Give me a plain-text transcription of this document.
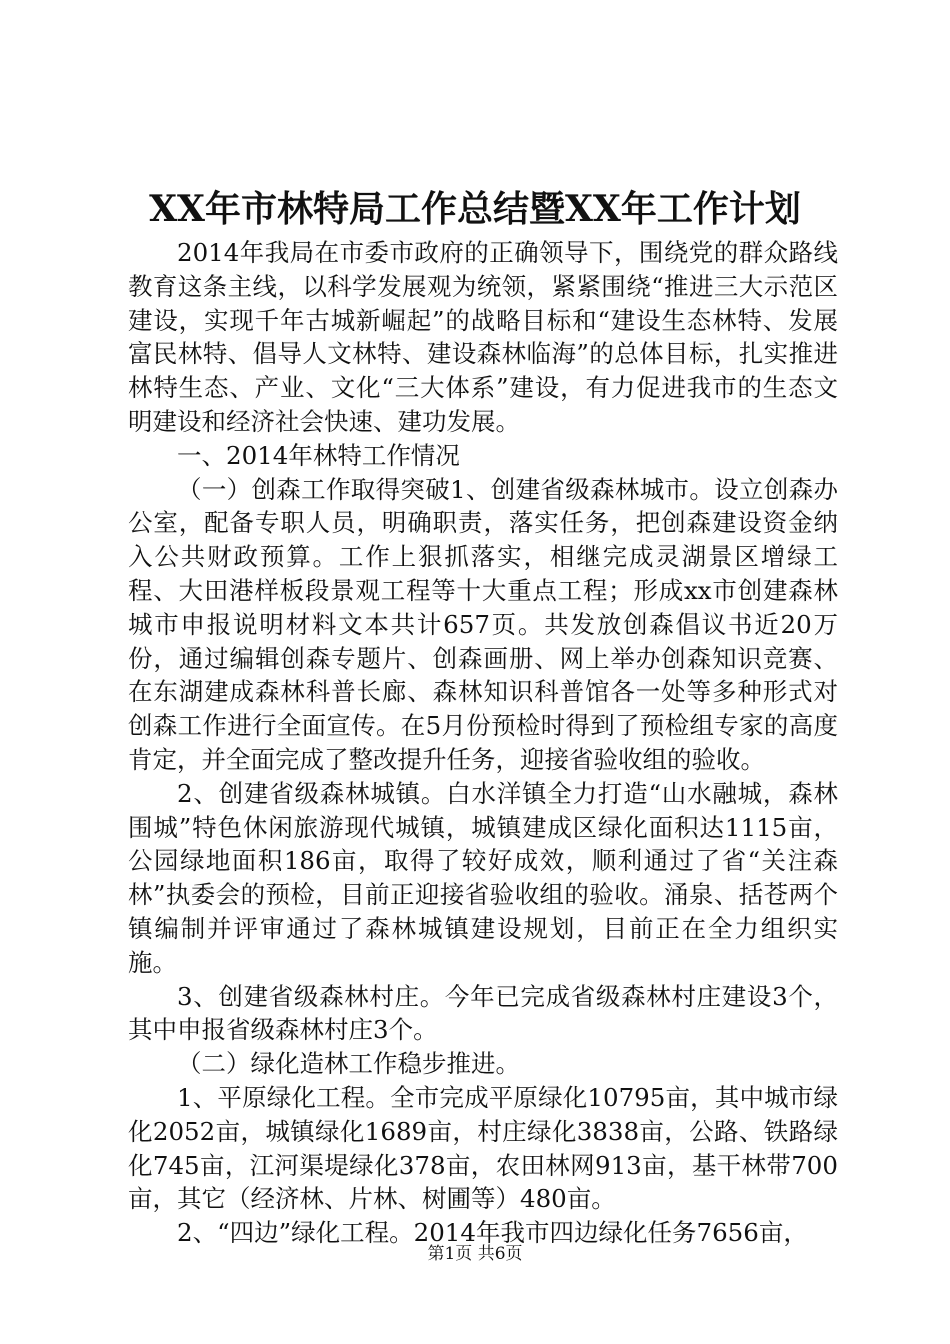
XX年市林特局工作总结暨XX年工作计划

2014年我局在市委市政府的正确领导下，围绕党的群众路线教育这条主线，以科学发展观为统领，紧紧围绕“推进三大示范区建设，实现千年古城新崛起”的战略目标和“建设生态林特、发展富民林特、倡导人文林特、建设森林临海”的总体目标，扎实推进林特生态、产业、文化“三大体系”建设，有力促进我市的生态文明建设和经济社会快速、建功发展。

一、2014年林特工作情况

（一）创森工作取得突破1、创建省级森林城市。设立创森办公室，配备专职人员，明确职责，落实任务，把创森建设资金纳入公共财政预算。工作上狠抓落实，相继完成灵湖景区增绿工程、大田港样板段景观工程等十大重点工程；形成xx市创建森林城市申报说明材料文本共计657页。共发放创森倡议书近20万份，通过编辑创森专题片、创森画册、网上举办创森知识竞赛、在东湖建成森林科普长廊、森林知识科普馆各一处等多种形式对创森工作进行全面宣传。在5月份预检时得到了预检组专家的高度肯定，并全面完成了整改提升任务，迎接省验收组的验收。

2、创建省级森林城镇。白水洋镇全力打造“山水融城，森林围城”特色休闲旅游现代城镇，城镇建成区绿化面积达1115亩，公园绿地面积186亩，取得了较好成效，顺利通过了省“关注森林”执委会的预检，目前正迎接省验收组的验收。涌泉、括苍两个镇编制并评审通过了森林城镇建设规划，目前正在全力组织实施。

3、创建省级森林村庄。今年已完成省级森林村庄建设3个，其中申报省级森林村庄3个。

（二）绿化造林工作稳步推进。

1、平原绿化工程。全市完成平原绿化10795亩，其中城市绿化2052亩，城镇绿化1689亩，村庄绿化3838亩，公路、铁路绿化745亩，江河渠堤绿化378亩，农田林网913亩，基干林带700亩，其它（经济林、片林、树圃等）480亩。

2、“四边”绿化工程。2014年我市四边绿化任务7656亩，

第1页 共6页
